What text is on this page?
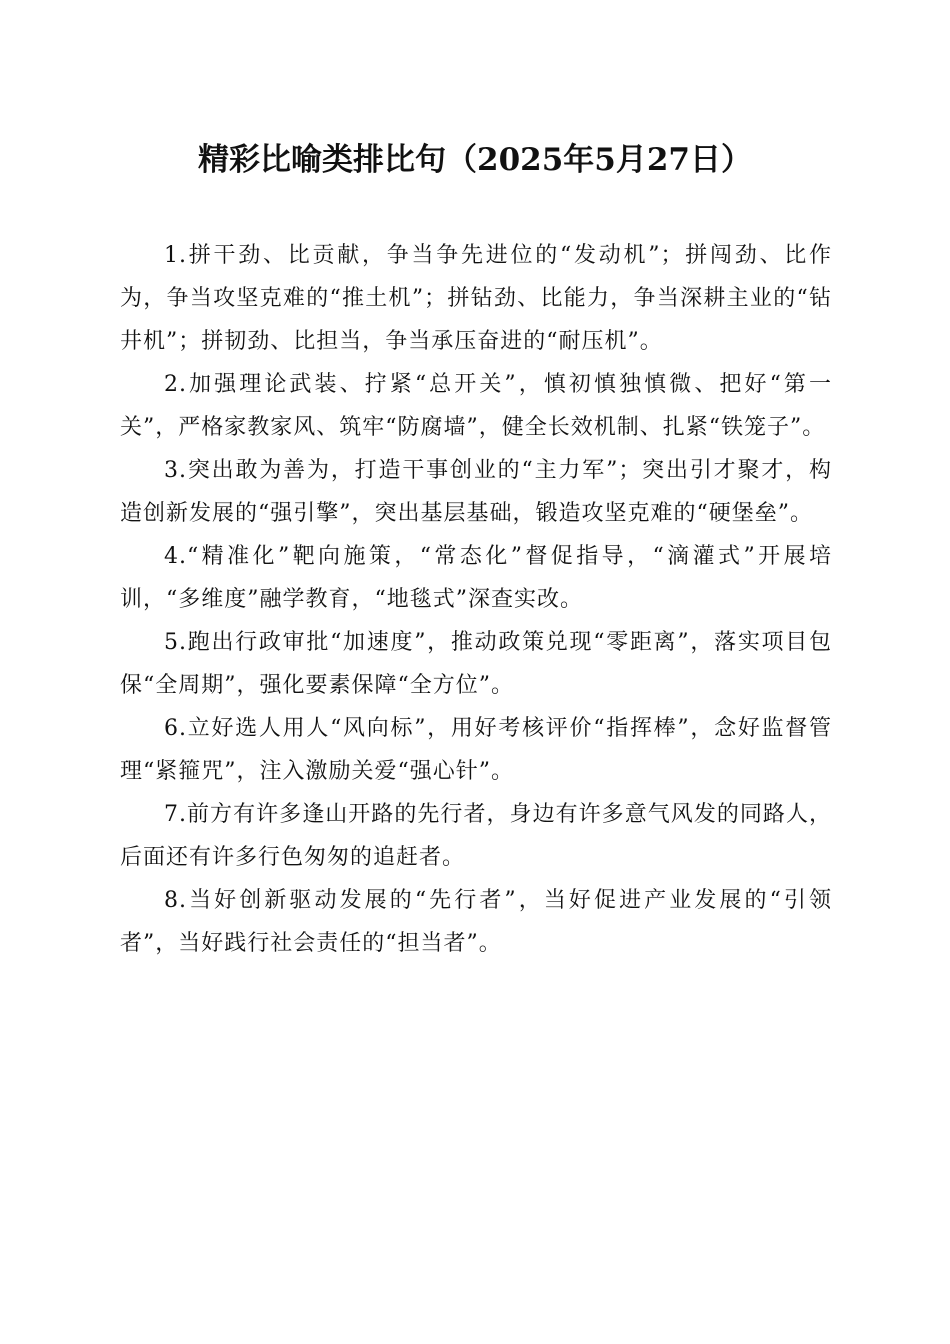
精彩比喻类排比句（2025年5月27日）

1.拼干劲、比贡献，争当争先进位的“发动机”；拼闯劲、比作为，争当攻坚克难的“推土机”；拼钻劲、比能力，争当深耕主业的“钻井机”；拼韧劲、比担当，争当承压奋进的“耐压机”。

2.加强理论武装、拧紧“总开关”，慎初慎独慎微、把好“第一关”，严格家教家风、筑牢“防腐墙”，健全长效机制、扎紧“铁笼子”。

3.突出敢为善为，打造干事创业的“主力军”；突出引才聚才，构造创新发展的“强引擎”，突出基层基础，锻造攻坚克难的“硬堡垒”。

4.“精准化”靶向施策，“常态化”督促指导，“滴灌式”开展培训，“多维度”融学教育，“地毯式”深查实改。

5.跑出行政审批“加速度”，推动政策兑现“零距离”，落实项目包保“全周期”，强化要素保障“全方位”。

6.立好选人用人“风向标”，用好考核评价“指挥棒”，念好监督管理“紧箍咒”，注入激励关爱“强心针”。

7.前方有许多逢山开路的先行者，身边有许多意气风发的同路人，后面还有许多行色匆匆的追赶者。

8.当好创新驱动发展的“先行者”，当好促进产业发展的“引领者”，当好践行社会责任的“担当者”。
